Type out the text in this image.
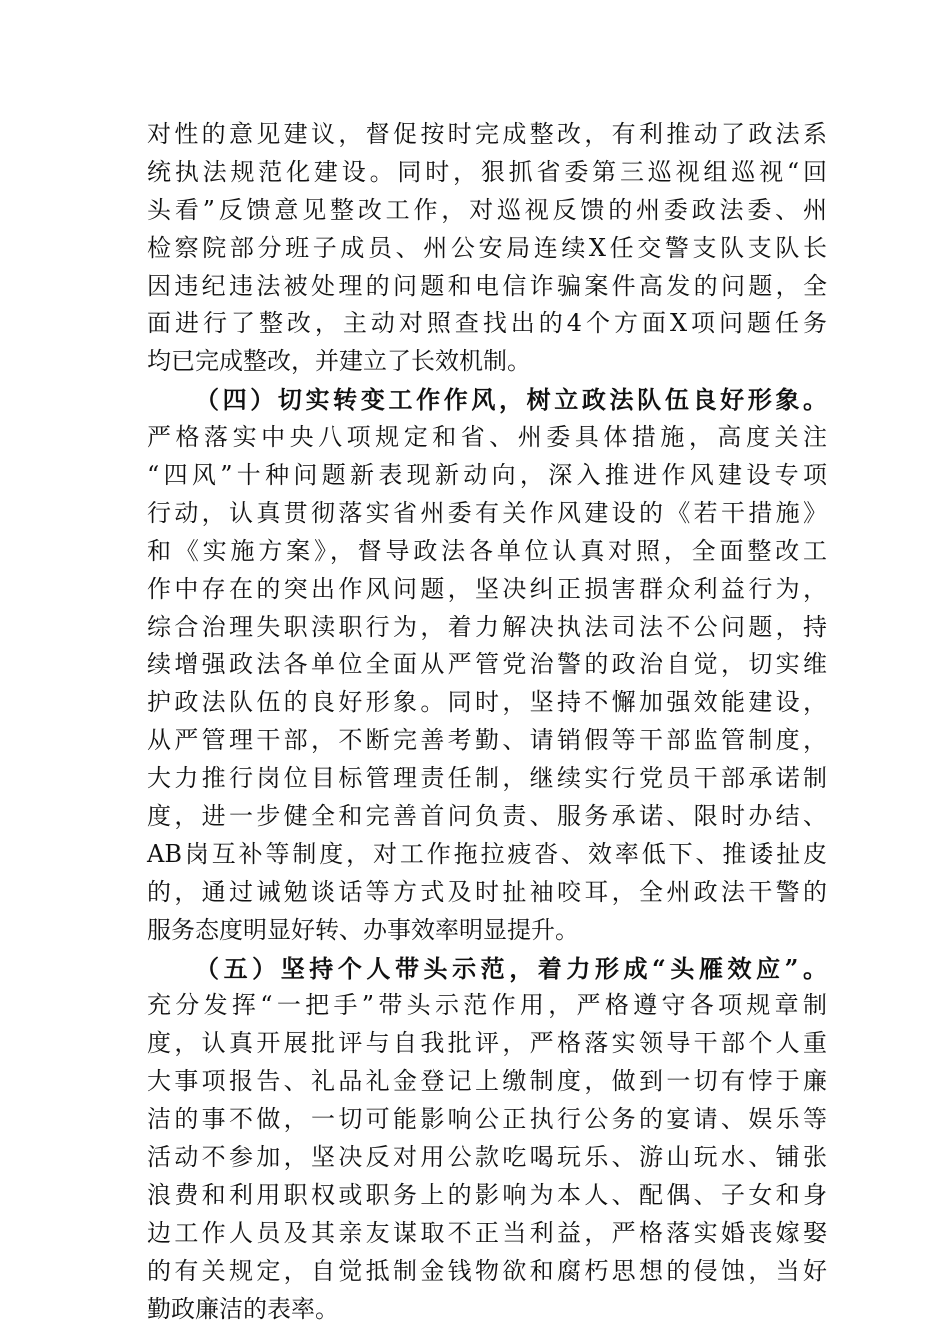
对性的意见建议，督促按时完成整改，有利推动了政法系
统执法规范化建设。同时，狠抓省委第三巡视组巡视“回
头看”反馈意见整改工作，对巡视反馈的州委政法委、州
检察院部分班子成员、州公安局连续X任交警支队支队长
因违纪违法被处理的问题和电信诈骗案件高发的问题，全
面进行了整改，主动对照查找出的4个方面X项问题任务
均已完成整改，并建立了长效机制。
（四）切实转变工作作风，树立政法队伍良好形象。
严格落实中央八项规定和省、州委具体措施，高度关注
“四风”十种问题新表现新动向，深入推进作风建设专项
行动，认真贯彻落实省州委有关作风建设的《若干措施》
和《实施方案》，督导政法各单位认真对照，全面整改工
作中存在的突出作风问题，坚决纠正损害群众利益行为，
综合治理失职渎职行为，着力解决执法司法不公问题，持
续增强政法各单位全面从严管党治警的政治自觉，切实维
护政法队伍的良好形象。同时，坚持不懈加强效能建设，
从严管理干部，不断完善考勤、请销假等干部监管制度，
大力推行岗位目标管理责任制，继续实行党员干部承诺制
度，进一步健全和完善首问负责、服务承诺、限时办结、
AB岗互补等制度，对工作拖拉疲沓、效率低下、推诿扯皮
的，通过诫勉谈话等方式及时扯袖咬耳，全州政法干警的
服务态度明显好转、办事效率明显提升。
（五）坚持个人带头示范，着力形成“头雁效应”。
充分发挥“一把手”带头示范作用，严格遵守各项规章制
度，认真开展批评与自我批评，严格落实领导干部个人重
大事项报告、礼品礼金登记上缴制度，做到一切有悖于廉
洁的事不做，一切可能影响公正执行公务的宴请、娱乐等
活动不参加，坚决反对用公款吃喝玩乐、游山玩水、铺张
浪费和利用职权或职务上的影响为本人、配偶、子女和身
边工作人员及其亲友谋取不正当利益，严格落实婚丧嫁娶
的有关规定，自觉抵制金钱物欲和腐朽思想的侵蚀，当好
勤政廉洁的表率。
